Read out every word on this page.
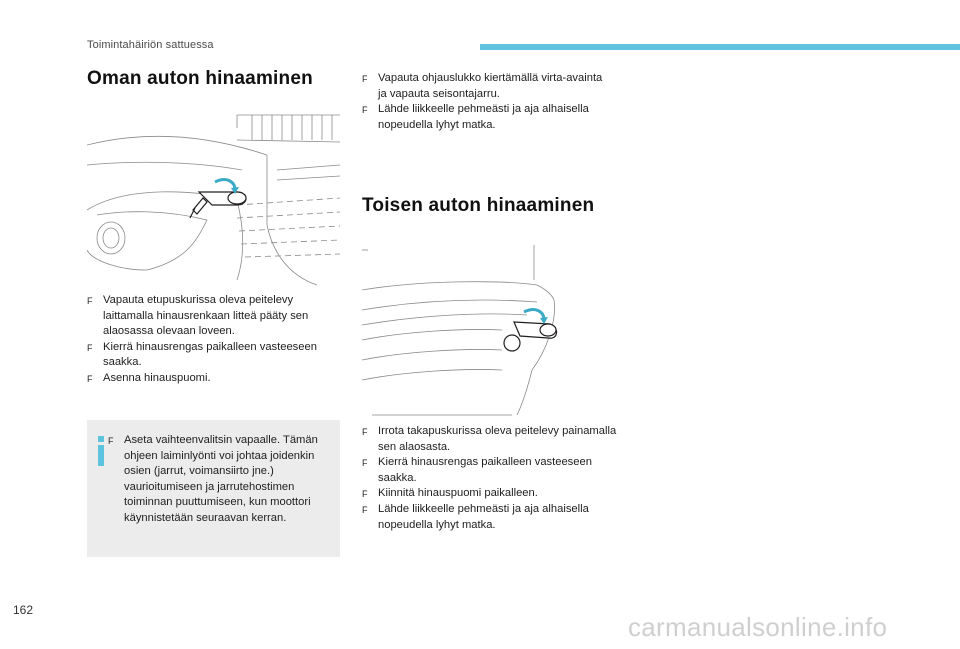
Toimintahäiriön sattuessa
Oman auton hinaaminen
F Vapauta etupuskurissa oleva peitelevy laittamalla hinausrenkaan litteä pääty sen alaosassa olevaan loveen.
F Kierrä hinausrengas paikalleen vasteeseen saakka.
F Asenna hinauspuomi.
F Aseta vaihteenvalitsin vapaalle. Tämän ohjeen laiminlyönti voi johtaa joidenkin osien (jarrut, voimansiirto jne.) vaurioitumiseen ja jarrutehostimen toiminnan puuttumiseen, kun moottori käynnistetään seuraavan kerran.
F Vapauta ohjauslukko kiertämällä virta-avainta ja vapauta seisontajarru.
F Lähde liikkeelle pehmeästi ja aja alhaisella nopeudella lyhyt matka.
Toisen auton hinaaminen
F Irrota takapuskurissa oleva peitelevy painamalla sen alaosasta.
F Kierrä hinausrengas paikalleen vasteeseen saakka.
F Kiinnitä hinauspuomi paikalleen.
F Lähde liikkeelle pehmeästi ja aja alhaisella nopeudella lyhyt matka.
162
carmanualsonline.info
